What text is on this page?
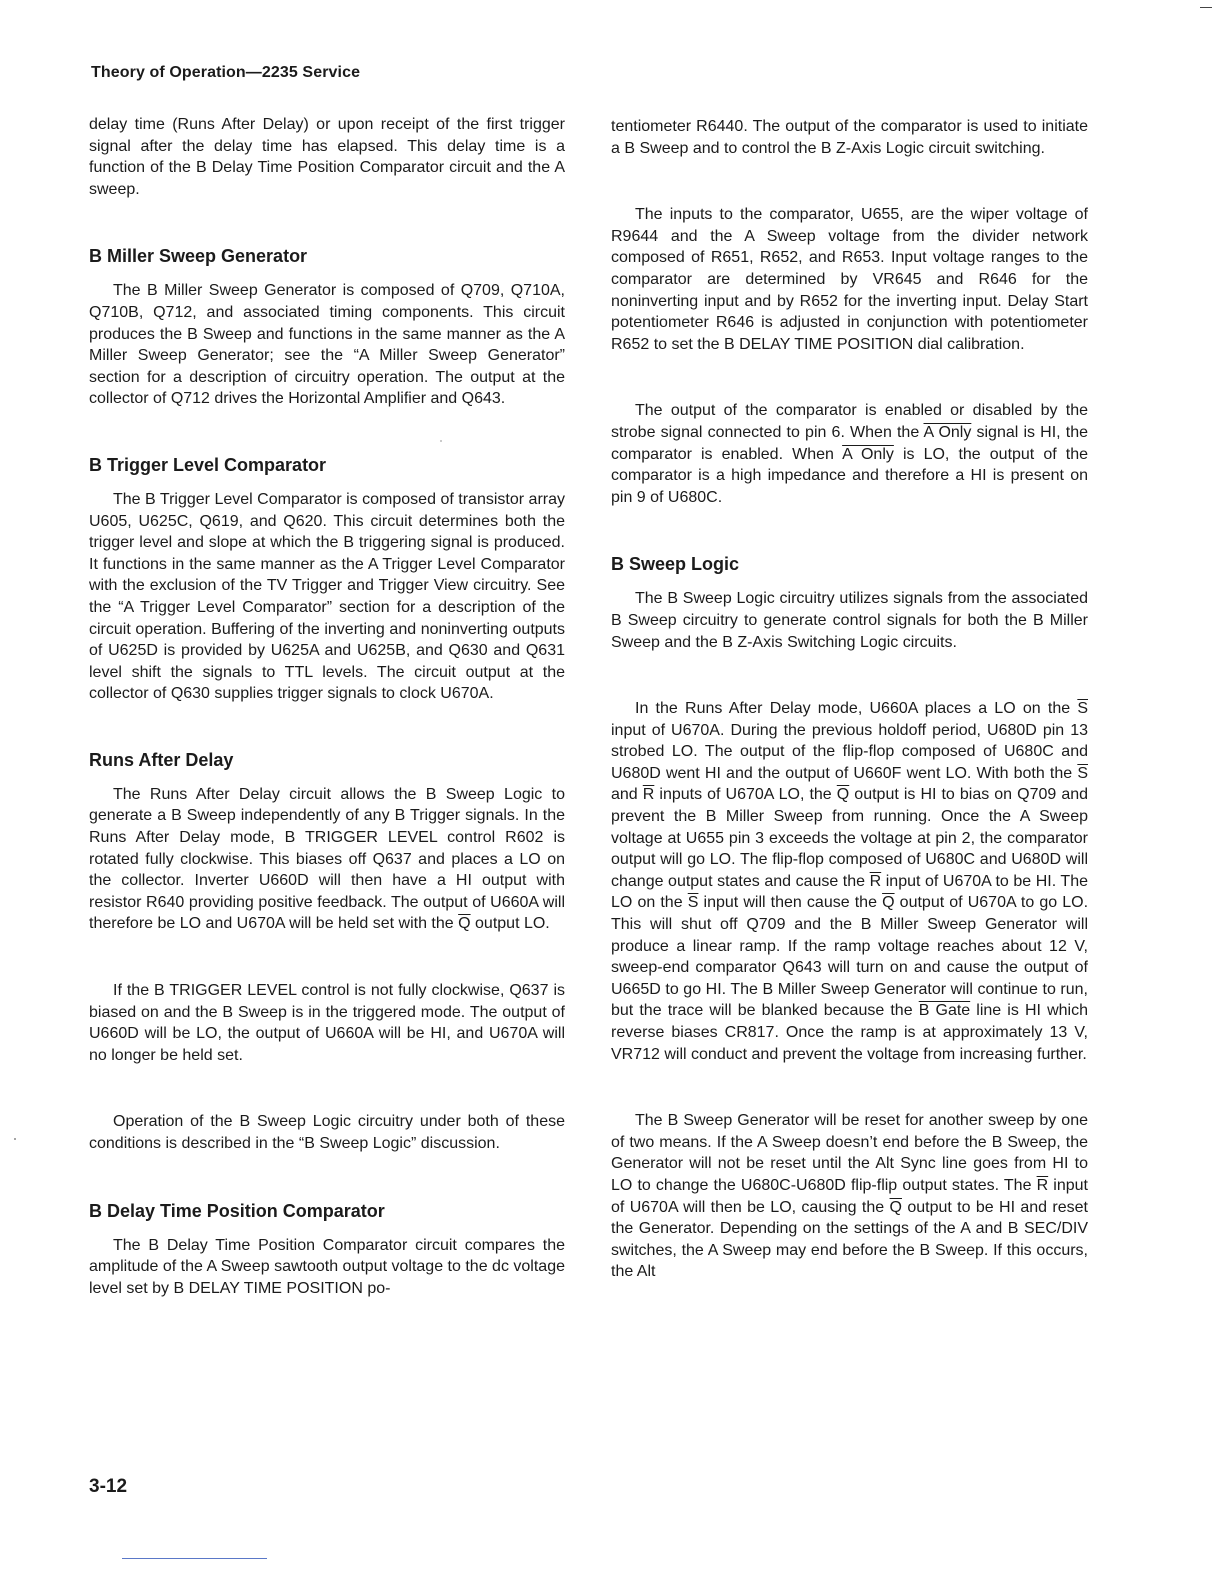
Theory of Operation—2235 Service

delay time (Runs After Delay) or upon receipt of the first trigger signal after the delay time has elapsed. This delay time is a function of the B Delay Time Position Comparator circuit and the A sweep.

B Miller Sweep Generator

The B Miller Sweep Generator is composed of Q709, Q710A, Q710B, Q712, and associated timing components. This circuit produces the B Sweep and functions in the same manner as the A Miller Sweep Generator; see the “A Miller Sweep Generator” section for a description of circuitry operation. The output at the collector of Q712 drives the Horizontal Amplifier and Q643.

B Trigger Level Comparator

The B Trigger Level Comparator is composed of transistor array U605, U625C, Q619, and Q620. This circuit determines both the trigger level and slope at which the B triggering signal is produced. It functions in the same manner as the A Trigger Level Comparator with the exclusion of the TV Trigger and Trigger View circuitry. See the “A Trigger Level Comparator” section for a description of the circuit operation. Buffering of the inverting and noninverting outputs of U625D is provided by U625A and U625B, and Q630 and Q631 level shift the signals to TTL levels. The circuit output at the collector of Q630 supplies trigger signals to clock U670A.

Runs After Delay

The Runs After Delay circuit allows the B Sweep Logic to generate a B Sweep independently of any B Trigger signals. In the Runs After Delay mode, B TRIGGER LEVEL control R602 is rotated fully clockwise. This biases off Q637 and places a LO on the collector. Inverter U660D will then have a HI output with resistor R640 providing positive feedback. The output of U660A will therefore be LO and U670A will be held set with the $\overline{Q}$ output LO.

If the B TRIGGER LEVEL control is not fully clockwise, Q637 is biased on and the B Sweep is in the triggered mode. The output of U660D will be LO, the output of U660A will be HI, and U670A will no longer be held set.

Operation of the B Sweep Logic circuitry under both of these conditions is described in the “B Sweep Logic” discussion.

B Delay Time Position Comparator

The B Delay Time Position Comparator circuit compares the amplitude of the A Sweep sawtooth output voltage to the dc voltage level set by B DELAY TIME POSITION po-

tentiometer R6440. The output of the comparator is used to initiate a B Sweep and to control the B Z-Axis Logic circuit switching.

The inputs to the comparator, U655, are the wiper voltage of R9644 and the A Sweep voltage from the divider network composed of R651, R652, and R653. Input voltage ranges to the comparator are determined by VR645 and R646 for the noninverting input and by R652 for the inverting input. Delay Start potentiometer R646 is adjusted in conjunction with potentiometer R652 to set the B DELAY TIME POSITION dial calibration.

The output of the comparator is enabled or disabled by the strobe signal connected to pin 6. When the A Only signal is HI, the comparator is enabled. When A Only is LO, the output of the comparator is a high impedance and therefore a HI is present on pin 9 of U680C.

B Sweep Logic

The B Sweep Logic circuitry utilizes signals from the associated B Sweep circuitry to generate control signals for both the B Miller Sweep and the B Z-Axis Switching Logic circuits.

In the Runs After Delay mode, U660A places a LO on the $\overline{S}$ input of U670A. During the previous holdoff period, U680D pin 13 strobed LO. The output of the flip-flop composed of U680C and U680D went HI and the output of U660F went LO. With both the $\overline{S}$ and $\overline{R}$ inputs of U670A LO, the $\overline{Q}$ output is HI to bias on Q709 and prevent the B Miller Sweep from running. Once the A Sweep voltage at U655 pin 3 exceeds the voltage at pin 2, the comparator output will go LO. The flip-flop composed of U680C and U680D will change output states and cause the $\overline{R}$ input of U670A to be HI. The LO on the $\overline{S}$ input will then cause the $\overline{Q}$ output of U670A to go LO. This will shut off Q709 and the B Miller Sweep Generator will produce a linear ramp. If the ramp voltage reaches about 12 V, sweep-end comparator Q643 will turn on and cause the output of U665D to go HI. The B Miller Sweep Generator will continue to run, but the trace will be blanked because the B Gate line is HI which reverse biases CR817. Once the ramp is at approximately 13 V, VR712 will conduct and prevent the voltage from increasing further.

The B Sweep Generator will be reset for another sweep by one of two means. If the A Sweep doesn’t end before the B Sweep, the Generator will not be reset until the Alt Sync line goes from HI to LO to change the U680C-U680D flip-flip output states. The $\overline{R}$ input of U670A will then be LO, causing the $\overline{Q}$ output to be HI and reset the Generator. Depending on the settings of the A and B SEC/DIV switches, the A Sweep may end before the B Sweep. If this occurs, the Alt

3-12
